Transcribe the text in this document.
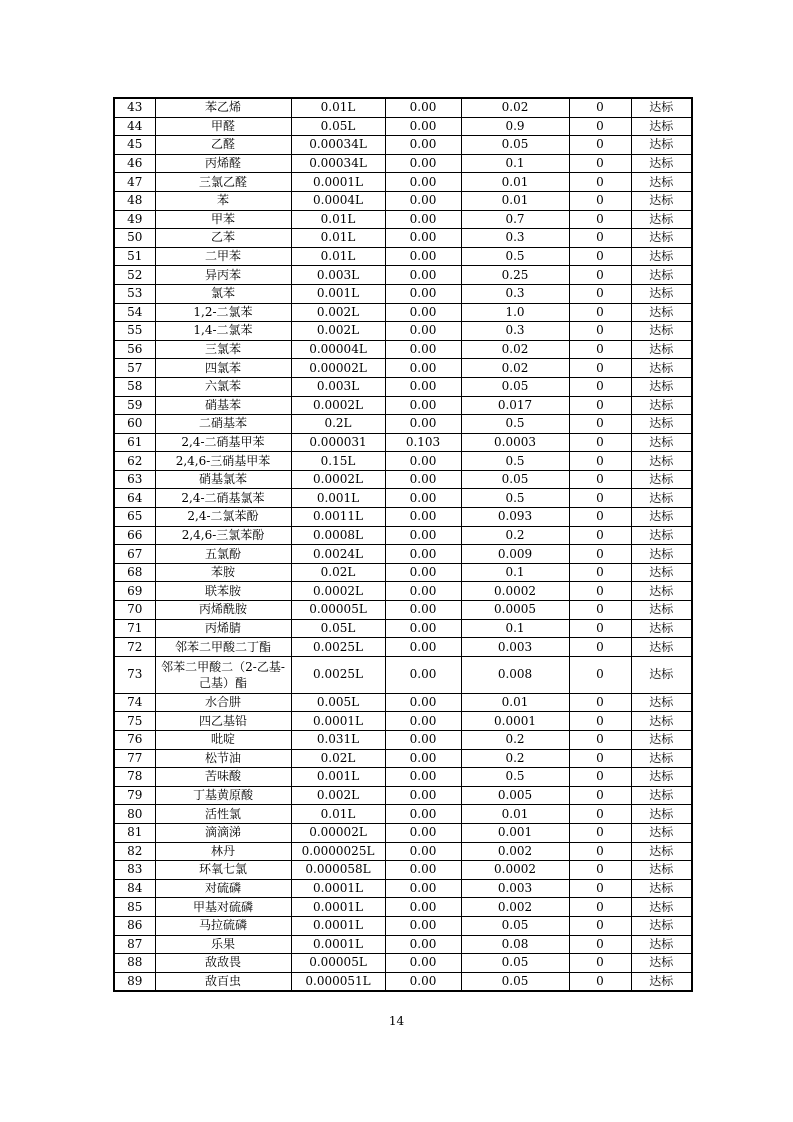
43	苯乙烯	0.01L	0.00	0.02	0	达标
44	甲醛	0.05L	0.00	0.9	0	达标
45	乙醛	0.00034L	0.00	0.05	0	达标
46	丙烯醛	0.00034L	0.00	0.1	0	达标
47	三氯乙醛	0.0001L	0.00	0.01	0	达标
48	苯	0.0004L	0.00	0.01	0	达标
49	甲苯	0.01L	0.00	0.7	0	达标
50	乙苯	0.01L	0.00	0.3	0	达标
51	二甲苯	0.01L	0.00	0.5	0	达标
52	异丙苯	0.003L	0.00	0.25	0	达标
53	氯苯	0.001L	0.00	0.3	0	达标
54	1,2-二氯苯	0.002L	0.00	1.0	0	达标
55	1,4-二氯苯	0.002L	0.00	0.3	0	达标
56	三氯苯	0.00004L	0.00	0.02	0	达标
57	四氯苯	0.00002L	0.00	0.02	0	达标
58	六氯苯	0.003L	0.00	0.05	0	达标
59	硝基苯	0.0002L	0.00	0.017	0	达标
60	二硝基苯	0.2L	0.00	0.5	0	达标
61	2,4-二硝基甲苯	0.000031	0.103	0.0003	0	达标
62	2,4,6-三硝基甲苯	0.15L	0.00	0.5	0	达标
63	硝基氯苯	0.0002L	0.00	0.05	0	达标
64	2,4-二硝基氯苯	0.001L	0.00	0.5	0	达标
65	2,4-二氯苯酚	0.0011L	0.00	0.093	0	达标
66	2,4,6-三氯苯酚	0.0008L	0.00	0.2	0	达标
67	五氯酚	0.0024L	0.00	0.009	0	达标
68	苯胺	0.02L	0.00	0.1	0	达标
69	联苯胺	0.0002L	0.00	0.0002	0	达标
70	丙烯酰胺	0.00005L	0.00	0.0005	0	达标
71	丙烯腈	0.05L	0.00	0.1	0	达标
72	邻苯二甲酸二丁酯	0.0025L	0.00	0.003	0	达标
73	邻苯二甲酸二（2-乙基-己基）酯	0.0025L	0.00	0.008	0	达标
74	水合肼	0.005L	0.00	0.01	0	达标
75	四乙基铅	0.0001L	0.00	0.0001	0	达标
76	吡啶	0.031L	0.00	0.2	0	达标
77	松节油	0.02L	0.00	0.2	0	达标
78	苦味酸	0.001L	0.00	0.5	0	达标
79	丁基黄原酸	0.002L	0.00	0.005	0	达标
80	活性氯	0.01L	0.00	0.01	0	达标
81	滴滴涕	0.00002L	0.00	0.001	0	达标
82	林丹	0.0000025L	0.00	0.002	0	达标
83	环氧七氯	0.000058L	0.00	0.0002	0	达标
84	对硫磷	0.0001L	0.00	0.003	0	达标
85	甲基对硫磷	0.0001L	0.00	0.002	0	达标
86	马拉硫磷	0.0001L	0.00	0.05	0	达标
87	乐果	0.0001L	0.00	0.08	0	达标
88	敌敌畏	0.00005L	0.00	0.05	0	达标
89	敌百虫	0.000051L	0.00	0.05	0	达标
14
